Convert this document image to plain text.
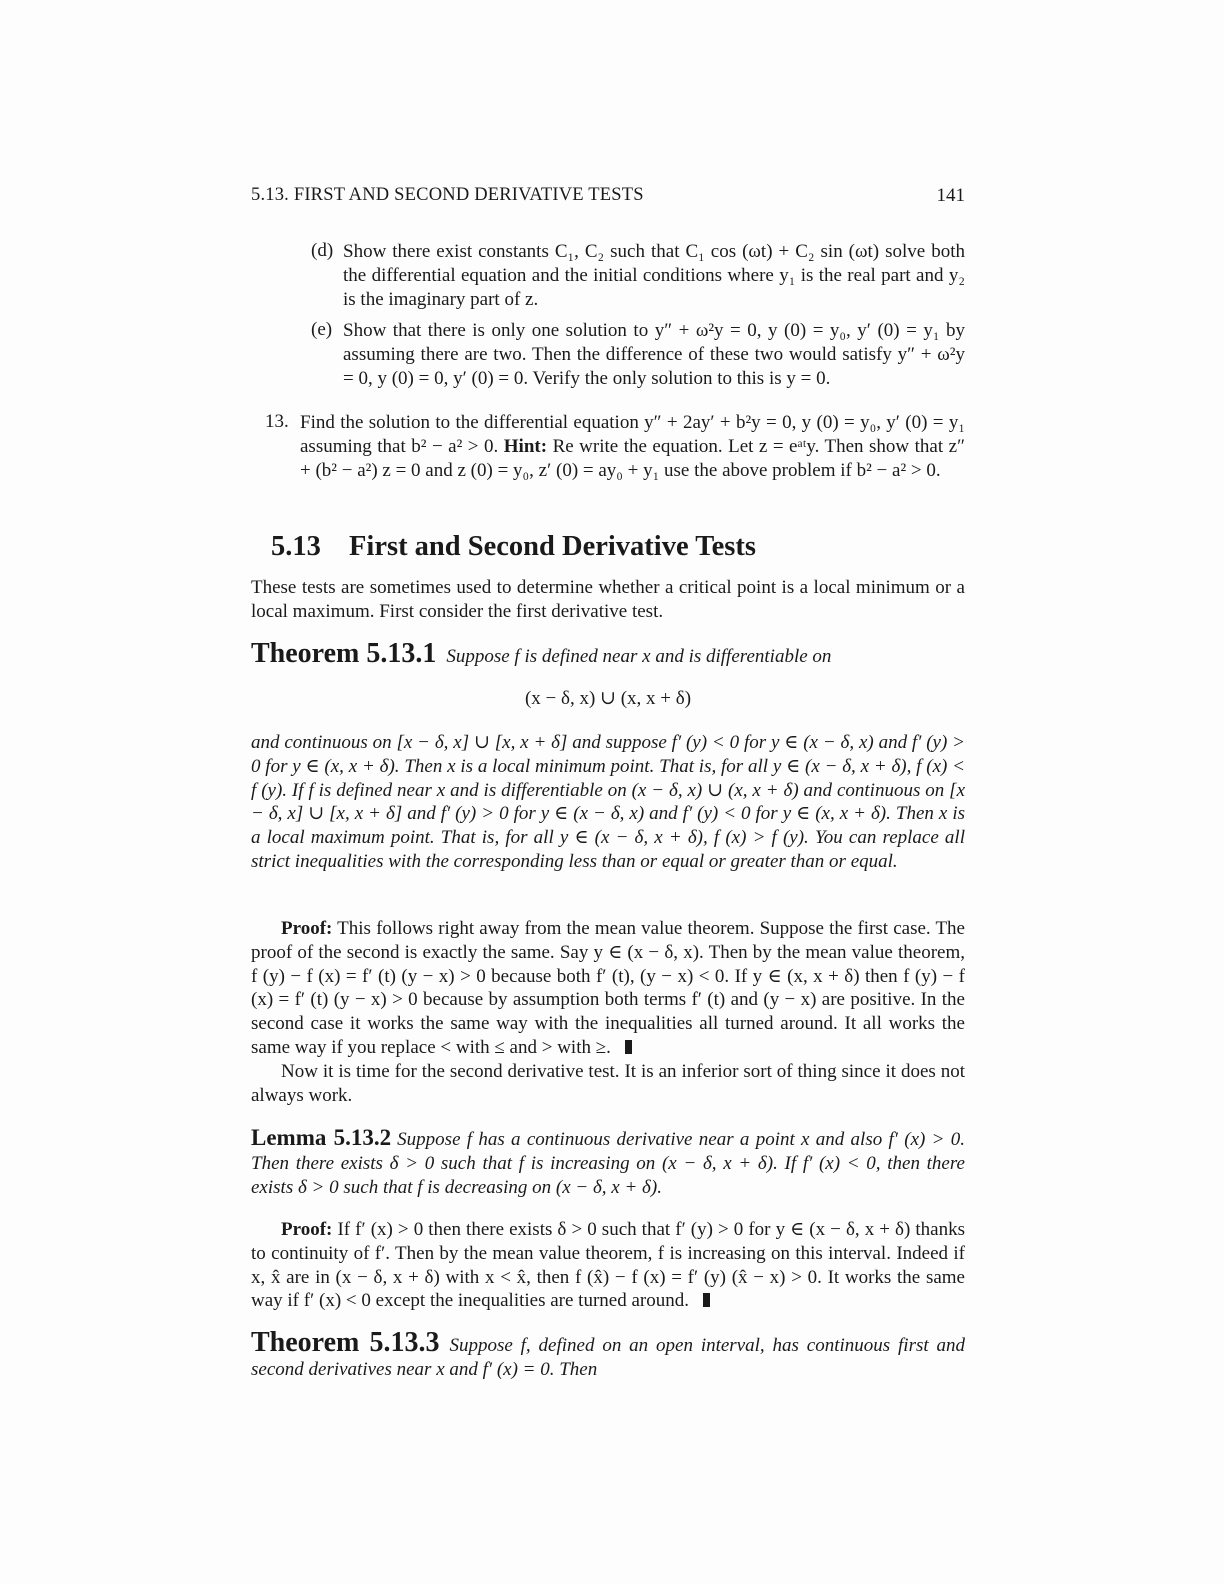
5.13. FIRST AND SECOND DERIVATIVE TESTS	141
(d) Show there exist constants C₁, C₂ such that C₁ cos (ωt) + C₂ sin (ωt) solve both the differential equation and the initial conditions where y₁ is the real part and y₂ is the imaginary part of z.

(e) Show that there is only one solution to y″ + ω²y = 0, y (0) = y₀, y′ (0) = y₁ by assuming there are two. Then the difference of these two would satisfy y″ + ω²y = 0, y (0) = 0, y′ (0) = 0. Verify the only solution to this is y = 0.

13. Find the solution to the differential equation y″ + 2ay′ + b²y = 0, y (0) = y₀, y′ (0) = y₁ assuming that b² − a² > 0. Hint: Re write the equation. Let z = eᵃᵗy. Then show that z″ + (b² − a²) z = 0 and z (0) = y₀, z′ (0) = ay₀ + y₁ use the above problem if b² − a² > 0.

5.13 First and Second Derivative Tests

These tests are sometimes used to determine whether a critical point is a local minimum or a local maximum. First consider the first derivative test.

Theorem 5.13.1 Suppose f is defined near x and is differentiable on

(x − δ, x) ∪ (x, x + δ)

and continuous on [x − δ, x] ∪ [x, x + δ] and suppose f′ (y) < 0 for y ∈ (x − δ, x) and f′ (y) > 0 for y ∈ (x, x + δ). Then x is a local minimum point. That is, for all y ∈ (x − δ, x + δ), f (x) < f (y). If f is defined near x and is differentiable on (x − δ, x) ∪ (x, x + δ) and continuous on [x − δ, x] ∪ [x, x + δ] and f′ (y) > 0 for y ∈ (x − δ, x) and f′ (y) < 0 for y ∈ (x, x + δ). Then x is a local maximum point. That is, for all y ∈ (x − δ, x + δ), f (x) > f (y). You can replace all strict inequalities with the corresponding less than or equal or greater than or equal.

Proof: This follows right away from the mean value theorem. Suppose the first case. The proof of the second is exactly the same. Say y ∈ (x − δ, x). Then by the mean value theorem, f (y) − f (x) = f′ (t) (y − x) > 0 because both f′ (t), (y − x) < 0. If y ∈ (x, x + δ) then f (y) − f (x) = f′ (t) (y − x) > 0 because by assumption both terms f′ (t) and (y − x) are positive. In the second case it works the same way with the inequalities all turned around. It all works the same way if you replace < with ≤ and > with ≥.

Now it is time for the second derivative test. It is an inferior sort of thing since it does not always work.

Lemma 5.13.2 Suppose f has a continuous derivative near a point x and also f′ (x) > 0. Then there exists δ > 0 such that f is increasing on (x − δ, x + δ). If f′ (x) < 0, then there exists δ > 0 such that f is decreasing on (x − δ, x + δ).

Proof: If f′ (x) > 0 then there exists δ > 0 such that f′ (y) > 0 for y ∈ (x − δ, x + δ) thanks to continuity of f′. Then by the mean value theorem, f is increasing on this interval. Indeed if x, x̂ are in (x − δ, x + δ) with x < x̂, then f (x̂) − f (x) = f′ (y) (x̂ − x) > 0. It works the same way if f′ (x) < 0 except the inequalities are turned around.

Theorem 5.13.3 Suppose f, defined on an open interval, has continuous first and second derivatives near x and f′ (x) = 0. Then
